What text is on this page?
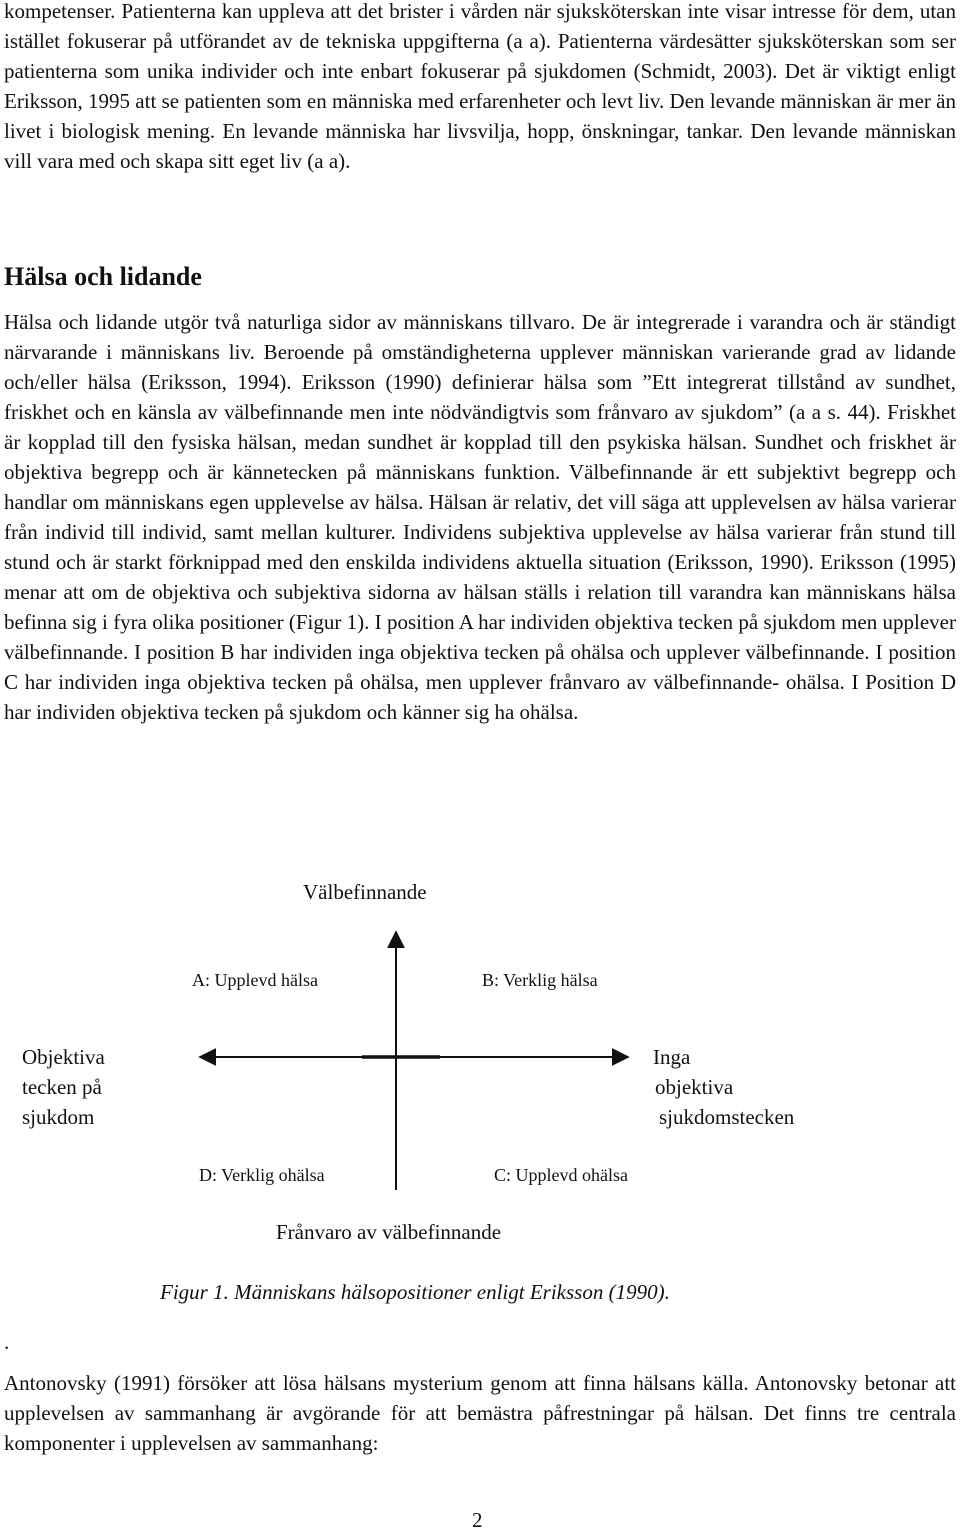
kompetenser. Patienterna kan uppleva att det brister i vården när sjuksköterskan inte visar intresse för dem, utan istället fokuserar på utförandet av de tekniska uppgifterna (a a). Patienterna värdesätter sjuksköterskan som ser patienterna som unika individer och inte enbart fokuserar på sjukdomen (Schmidt, 2003). Det är viktigt enligt Eriksson, 1995 att se patienten som en människa med erfarenheter och levt liv. Den levande människan är mer än livet i biologisk mening. En levande människa har livsvilja, hopp, önskningar, tankar. Den levande människan vill vara med och skapa sitt eget liv (a a).

Hälsa och lidande

Hälsa och lidande utgör två naturliga sidor av människans tillvaro. De är integrerade i varandra och är ständigt närvarande i människans liv. Beroende på omständigheterna upplever människan varierande grad av lidande och/eller hälsa (Eriksson, 1994). Eriksson (1990) definierar hälsa som ”Ett integrerat tillstånd av sundhet, friskhet och en känsla av välbefinnande men inte nödvändigtvis som frånvaro av sjukdom” (a a s. 44). Friskhet är kopplad till den fysiska hälsan, medan sundhet är kopplad till den psykiska hälsan. Sundhet och friskhet är objektiva begrepp och är kännetecken på människans funktion. Välbefinnande är ett subjektivt begrepp och handlar om människans egen upplevelse av hälsa. Hälsan är relativ, det vill säga att upplevelsen av hälsa varierar från individ till individ, samt mellan kulturer. Individens subjektiva upplevelse av hälsa varierar från stund till stund och är starkt förknippad med den enskilda individens aktuella situation (Eriksson, 1990). Eriksson (1995) menar att om de objektiva och subjektiva sidorna av hälsan ställs i relation till varandra kan människans hälsa befinna sig i fyra olika positioner (Figur 1). I position A har individen objektiva tecken på sjukdom men upplever välbefinnande. I position B har individen inga objektiva tecken på ohälsa och upplever välbefinnande. I position C har individen inga objektiva tecken på ohälsa, men upplever frånvaro av välbefinnande- ohälsa. I Position D har individen objektiva tecken på sjukdom och känner sig ha ohälsa.

Välbefinnande
A: Upplevd hälsa	B: Verklig hälsa
Objektiva
tecken på
sjukdom
Inga
objektiva
sjukdomstecken
D: Verklig ohälsa	C: Upplevd ohälsa
Frånvaro av välbefinnande
Figur 1. Människans hälsopositioner enligt Eriksson (1990).
.

Antonovsky (1991) försöker att lösa hälsans mysterium genom att finna hälsans källa. Antonovsky betonar att upplevelsen av sammanhang är avgörande för att bemästra påfrestningar på hälsan. Det finns tre centrala komponenter i upplevelsen av sammanhang:

2
